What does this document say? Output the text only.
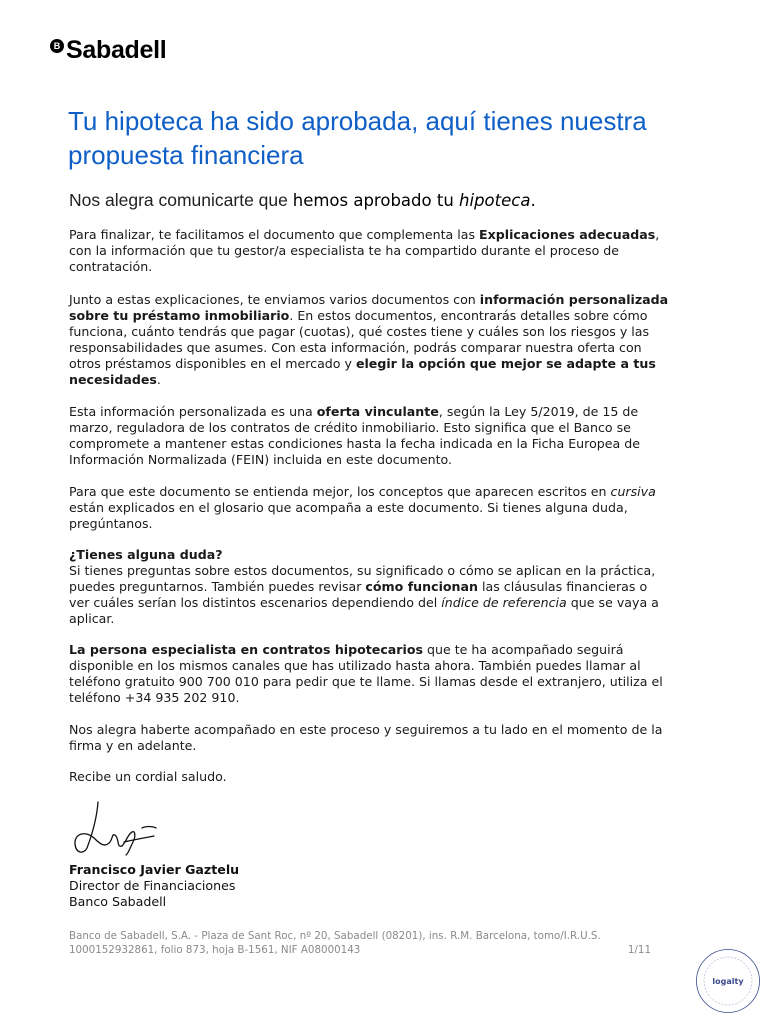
B Sabadell
Tu hipoteca ha sido aprobada, aquí tienes nuestra propuesta financiera

Nos alegra comunicarte que hemos aprobado tu hipoteca.

Para finalizar, te facilitamos el documento que complementa las Explicaciones adecuadas, con la información que tu gestor/a especialista te ha compartido durante el proceso de contratación.

Junto a estas explicaciones, te enviamos varios documentos con información personalizada sobre tu préstamo inmobiliario. En estos documentos, encontrarás detalles sobre cómo funciona, cuánto tendrás que pagar (cuotas), qué costes tiene y cuáles son los riesgos y las responsabilidades que asumes. Con esta información, podrás comparar nuestra oferta con otros préstamos disponibles en el mercado y elegir la opción que mejor se adapte a tus necesidades.

Esta información personalizada es una oferta vinculante, según la Ley 5/2019, de 15 de marzo, reguladora de los contratos de crédito inmobiliario. Esto significa que el Banco se compromete a mantener estas condiciones hasta la fecha indicada en la Ficha Europea de Información Normalizada (FEIN) incluida en este documento.

Para que este documento se entienda mejor, los conceptos que aparecen escritos en cursiva están explicados en el glosario que acompaña a este documento. Si tienes alguna duda, pregúntanos.

¿Tienes alguna duda?
Si tienes preguntas sobre estos documentos, su significado o cómo se aplican en la práctica, puedes preguntarnos. También puedes revisar cómo funcionan las cláusulas financieras o ver cuáles serían los distintos escenarios dependiendo del índice de referencia que se vaya a aplicar.

La persona especialista en contratos hipotecarios que te ha acompañado seguirá disponible en los mismos canales que has utilizado hasta ahora. También puedes llamar al teléfono gratuito 900 700 010 para pedir que te llame. Si llamas desde el extranjero, utiliza el teléfono +34 935 202 910.

Nos alegra haberte acompañado en este proceso y seguiremos a tu lado en el momento de la firma y en adelante.

Recibe un cordial saludo.

Francisco Javier Gaztelu
Director de Financiaciones
Banco Sabadell
Banco de Sabadell, S.A. - Plaza de Sant Roc, nº 20, Sabadell (08201), ins. R.M. Barcelona, tomo/I.R.U.S.
1000152932861, folio 873, hoja B-1561, NIF A08000143	1/11
logalty
